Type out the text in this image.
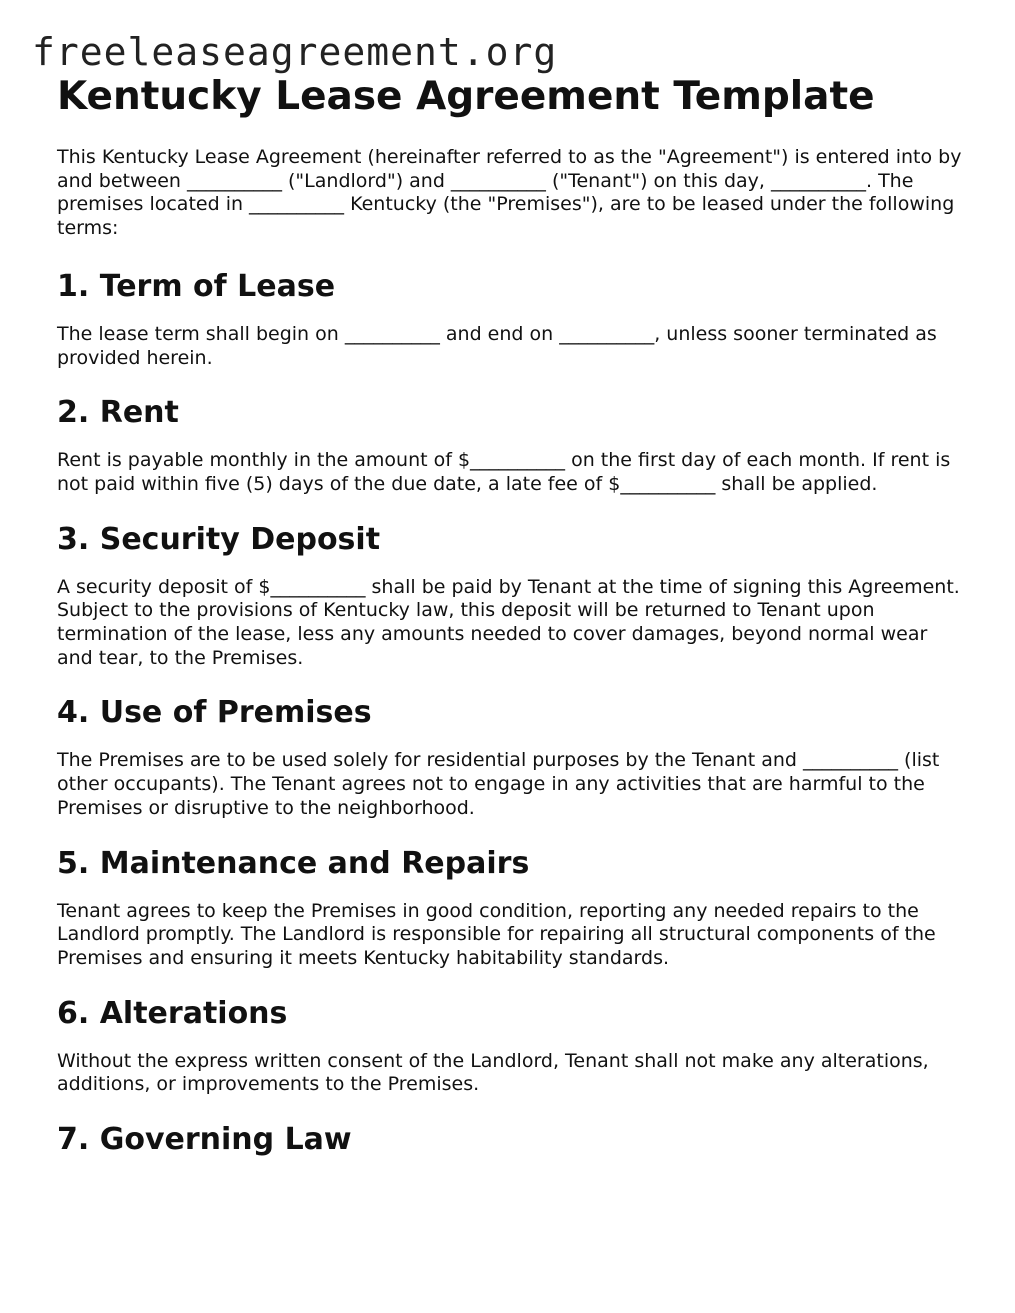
freeleaseagreement.org
Kentucky Lease Agreement Template

This Kentucky Lease Agreement (hereinafter referred to as the "Agreement") is entered into by and between __________ ("Landlord") and __________ ("Tenant") on this day, __________. The premises located in __________ Kentucky (the "Premises"), are to be leased under the following terms:

1. Term of Lease

The lease term shall begin on __________ and end on __________, unless sooner terminated as provided herein.

2. Rent

Rent is payable monthly in the amount of $__________ on the first day of each month. If rent is not paid within five (5) days of the due date, a late fee of $__________ shall be applied.

3. Security Deposit

A security deposit of $__________ shall be paid by Tenant at the time of signing this Agreement. Subject to the provisions of Kentucky law, this deposit will be returned to Tenant upon termination of the lease, less any amounts needed to cover damages, beyond normal wear and tear, to the Premises.

4. Use of Premises

The Premises are to be used solely for residential purposes by the Tenant and __________ (list other occupants). The Tenant agrees not to engage in any activities that are harmful to the Premises or disruptive to the neighborhood.

5. Maintenance and Repairs

Tenant agrees to keep the Premises in good condition, reporting any needed repairs to the Landlord promptly. The Landlord is responsible for repairing all structural components of the Premises and ensuring it meets Kentucky habitability standards.

6. Alterations

Without the express written consent of the Landlord, Tenant shall not make any alterations, additions, or improvements to the Premises.

7. Governing Law
